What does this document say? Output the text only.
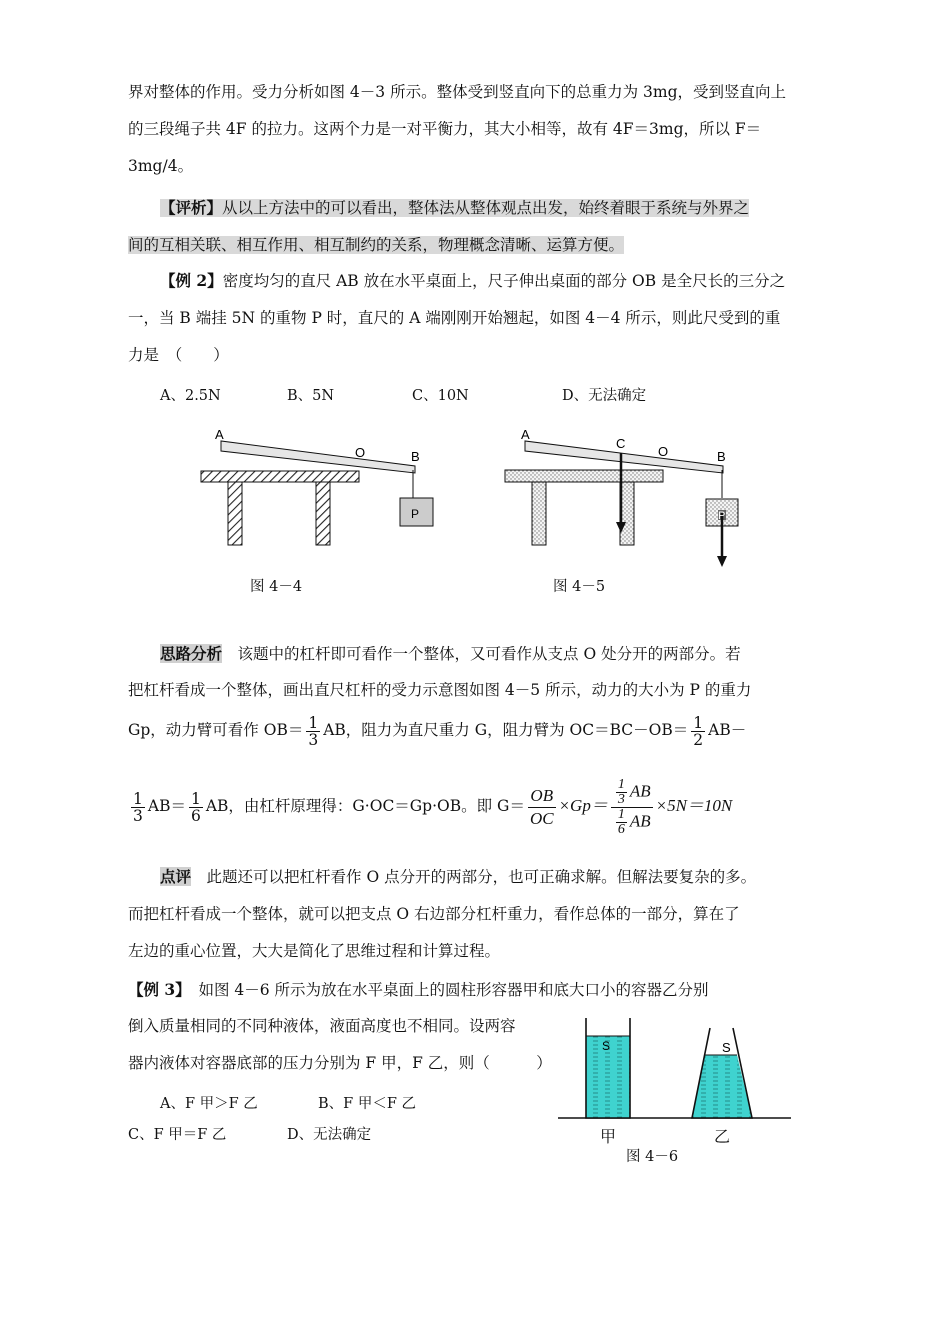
界对整体的作用。受力分析如图 4－3 所示。整体受到竖直向下的总重力为 3mg，受到竖直向上的三段绳子共 4F 的拉力。这两个力是一对平衡力，其大小相等，故有 4F＝3mg，所以 F＝3mg/4。

【评析】从以上方法中的可以看出，整体法从整体观点出发，始终着眼于系统与外界之
间的互相关联、相互作用、相互制约的关系，物理概念清晰、运算方便。

【例 2】密度均匀的直尺 AB 放在水平桌面上，尺子伸出桌面的部分 OB 是全尺长的三分之一，当 B 端挂 5N 的重物 P 时，直尺的 A 端刚刚开始翘起，如图 4－4 所示，则此尺受到的重力是　（　　）

A、2.5N	B、5N	C、10N	D、无法确定
A
O	B
P
图 4－4
A
C
O	B
P
图 4－5
思路分析　 该题中的杠杆即可看作一个整体，又可看作从支点 O 处分开的两部分。若
把杠杆看成一个整体，画出直尺杠杆的受力示意图如图 4－5 所示，动力的大小为 P 的重力
Gp，动力臂可看作 $OB= \frac{1}{3}$ AB，阻力为直尺重力 G，阻力臂为 $OC=BC-OB= \frac{1}{2} AB-$
$\frac{1}{3} AB= \frac{1}{6}$ AB，由杠杆原理得：G·OC＝Gp·OB。即 $G= \frac{OB}{OC} \times Gp= \frac{\frac{1}{3} AB}{\frac{1}{6} AB} \times 5N=10N$
点评　 此题还可以把杠杆看作 O 点分开的两部分，也可正确求解。但解法要复杂的多。
而把杠杆看成一个整体，就可以把支点 O 右边部分杠杆重力，看作总体的一部分，算在了
左边的重心位置，大大是简化了思维过程和计算过程。
【例 3】　 如图 4－6 所示为放在水平桌面上的圆柱形容器甲和底大口小的容器乙分别
倒入质量相同的不同种液体，液面高度也不相同。设两容
器内液体对容器底部的压力分别为 F 甲，F 乙，则（　　　）
A、F 甲＞F 乙	B、F 甲＜F 乙
C、F 甲＝F 乙	D、无法确定
S	S
甲	乙
图 4－6
